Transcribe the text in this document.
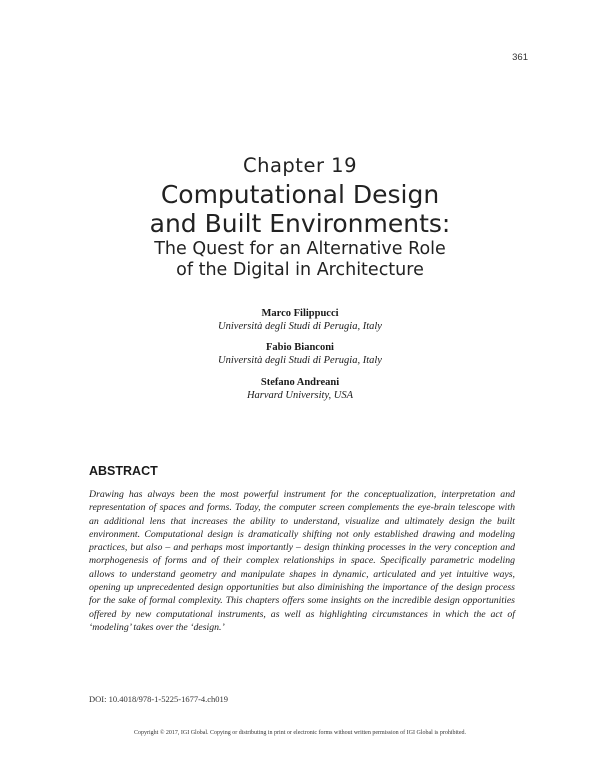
361
Chapter 19
Computational Design
and Built Environments:
The Quest for an Alternative Role
of the Digital in Architecture
Marco Filippucci
Università degli Studi di Perugia, Italy
Fabio Bianconi
Università degli Studi di Perugia, Italy
Stefano Andreani
Harvard University, USA
ABSTRACT
Drawing has always been the most powerful instrument for the conceptualization, interpretation and representation of spaces and forms. Today, the computer screen complements the eye-brain telescope with an additional lens that increases the ability to understand, visualize and ultimately design the built environment. Computational design is dramatically shifting not only established drawing and modeling practices, but also – and perhaps most importantly – design thinking processes in the very conception and morphogenesis of forms and of their complex relationships in space. Specifically parametric modeling allows to understand geometry and manipulate shapes in dynamic, articulated and yet intuitive ways, opening up unprecedented design opportunities but also diminishing the importance of the design process for the sake of formal complexity. This chapters offers some insights on the incredible design opportunities offered by new computational instruments, as well as highlighting circumstances in which the act of ‘modeling’ takes over the ‘design.’
DOI: 10.4018/978-1-5225-1677-4.ch019
Copyright © 2017, IGI Global. Copying or distributing in print or electronic forms without written permission of IGI Global is prohibited.
